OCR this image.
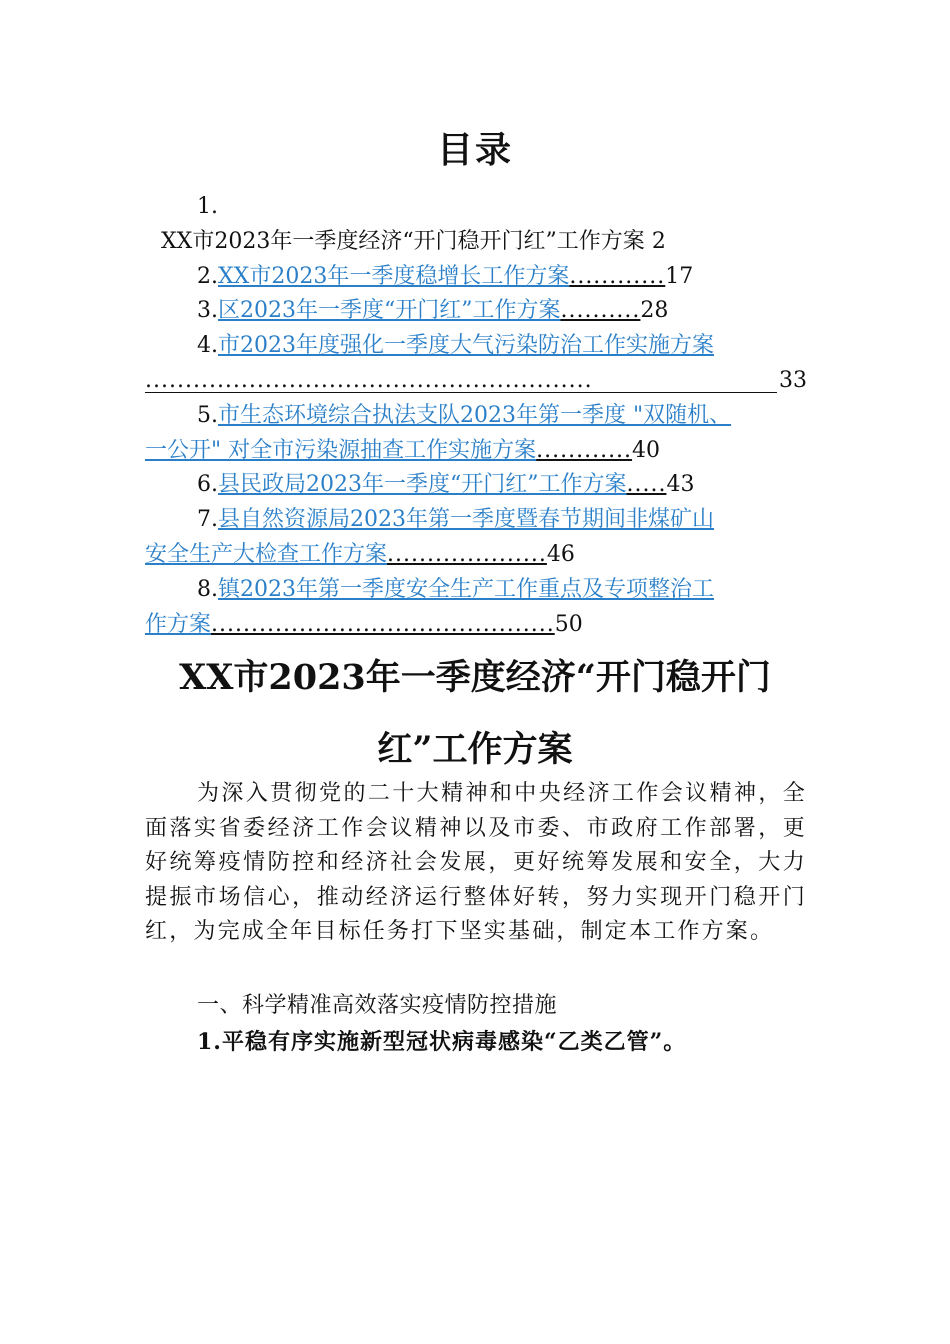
目录
1.
XX市2023年一季度经济“开门稳开门红”工作方案 2
2.XX市2023年一季度稳增长工作方案............17
3.区2023年一季度“开门红”工作方案..........28
4.市2023年度强化一季度大气污染防治工作实施方案
........................................................	33
5.市生态环境综合执法支队2023年第一季度 "双随机、
一公开" 对全市污染源抽查工作实施方案............40
6.县民政局2023年一季度“开门红”工作方案.....43
7.县自然资源局2023年第一季度暨春节期间非煤矿山
安全生产大检查工作方案....................46
8.镇2023年第一季度安全生产工作重点及专项整治工
作方案...........................................50
XX市2023年一季度经济“开门稳开门
红”工作方案

为深入贯彻党的二十大精神和中央经济工作会议精神，全面落实省委经济工作会议精神以及市委、市政府工作部署，更好统筹疫情防控和经济社会发展，更好统筹发展和安全，大力提振市场信心，推动经济运行整体好转，努力实现开门稳开门红，为完成全年目标任务打下坚实基础，制定本工作方案。

一、科学精准高效落实疫情防控措施

1.平稳有序实施新型冠状病毒感染“乙类乙管”。
